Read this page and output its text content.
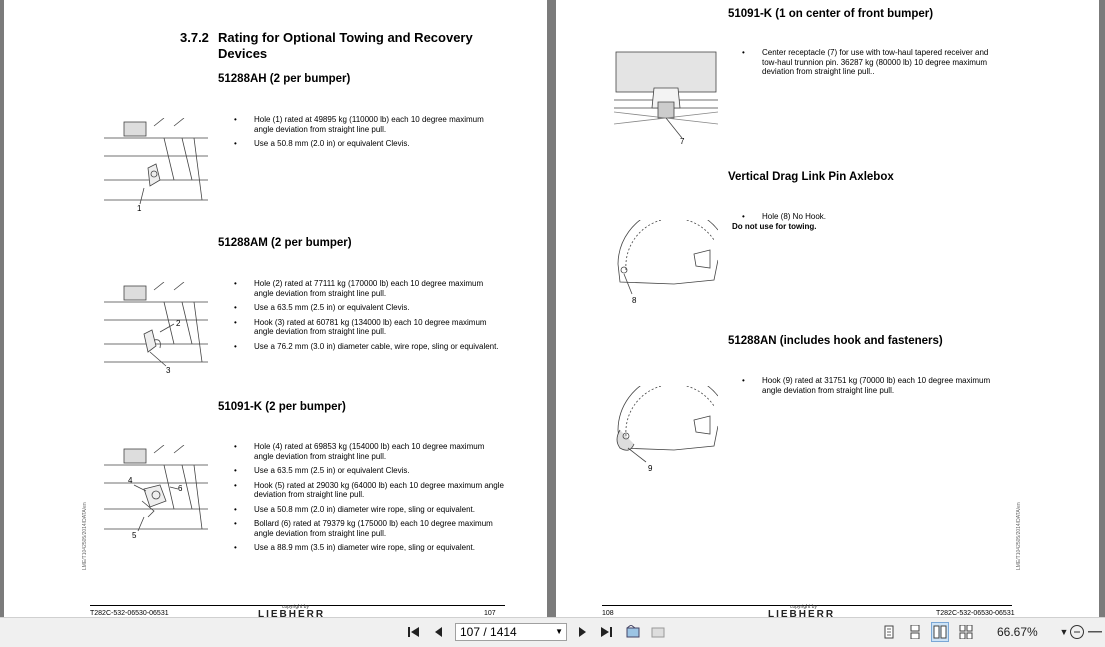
3.7.2 Rating for Optional Towing and Recovery Devices
51288AH (2 per bumper)
1
• Hole (1) rated at 49895 kg (110000 lb) each 10 degree maximum angle deviation from straight line pull.
• Use a 50.8 mm (2.0 in) or equivalent Clevis.
51288AM (2 per bumper)
2
3
• Hole (2) rated at 77111 kg (170000 lb) each 10 degree maximum angle deviation from straight line pull.
• Use a 63.5 mm (2.5 in) or equivalent Clevis.
• Hook (3) rated at 60781 kg (134000 lb) each 10 degree maximum angle deviation from straight line pull.
• Use a 76.2 mm (3.0 in) diameter cable, wire rope, sling or equivalent.
51091-K (2 per bumper)
4
6
5
• Hole (4) rated at 69853 kg (154000 lb) each 10 degree maximum angle deviation from straight line pull.
• Use a 63.5 mm (2.5 in) or equivalent Clevis.
• Hook (5) rated at 29030 kg (64000 lb) each 10 degree maximum angle deviation from straight line pull.
• Use a 50.8 mm (2.0 in) diameter wire rope, sling or equivalent.
• Bollard (6) rated at 79379 kg (175000 lb) each 10 degree maximum angle deviation from straight line pull.
• Use a 88.9 mm (3.5 in) diameter wire rope, sling or equivalent.
LME/T1042505/2014/DATA/en
T282C-532-06530-06531
copyright by
LIEBHERR	107
51091-K (1 on center of front bumper)
7
• Center receptacle (7) for use with tow-haul tapered receiver and tow-haul trunnion pin. 36287 kg (80000 lb) 10 degree maximum deviation from straight line pull..
Vertical Drag Link Pin Axlebox
8
• Hole (8) No Hook.
Do not use for towing.
51288AN (includes hook and fasteners)
9
• Hook (9) rated at 31751 kg (70000 lb) each 10 degree maximum angle deviation from straight line pull.
LME/T1042505/2014/DATA/en
108
copyright by
LIEBHERR	T282C-532-06530-06531
107 / 1414	▼	66.67%	▼
